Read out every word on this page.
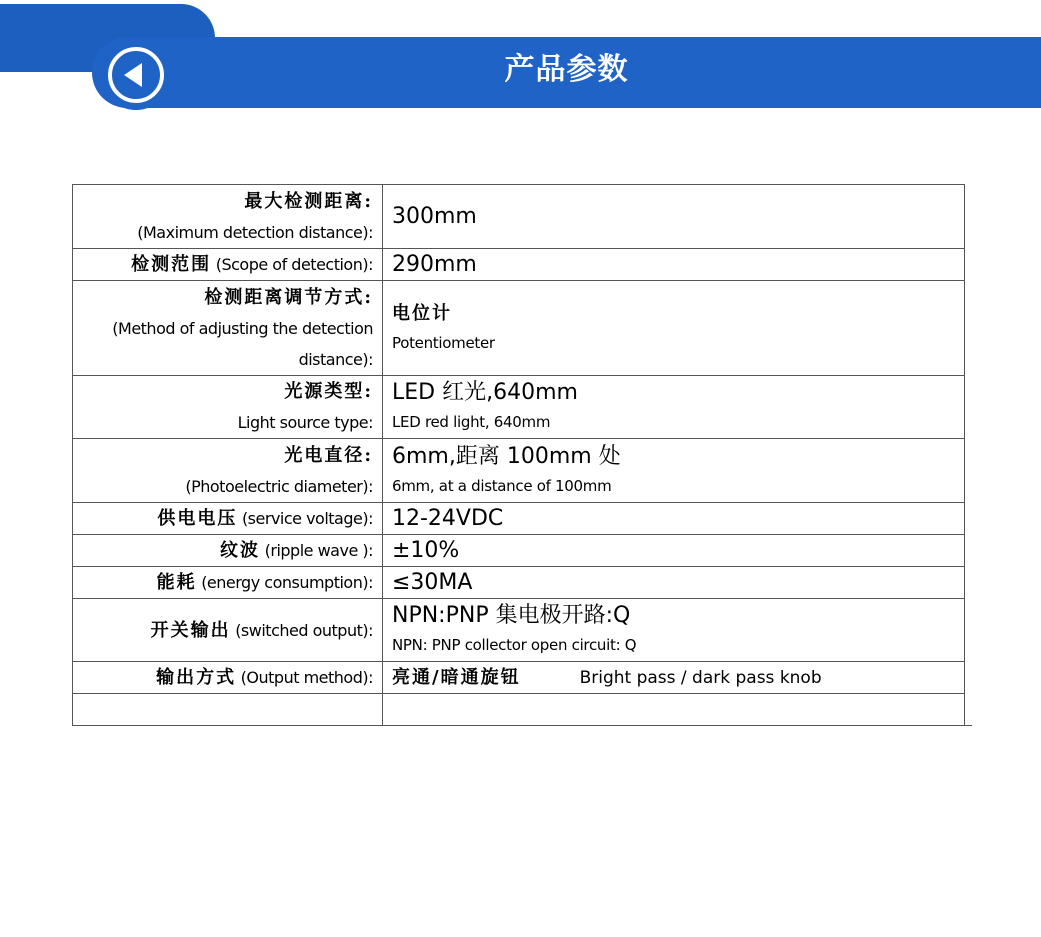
产品参数
最大检测距离:
(Maximum detection distance):	300mm
检测范围 (Scope of detection):	290mm

检测距离调节方式:
(Method of adjusting the detection distance):	电位计
Potentiometer

光源类型:
Light source type:	LED 红光,640mm
LED red light, 640mm

光电直径:
(Photoelectric diameter):	6mm,距离 100mm 处
6mm, at a distance of 100mm

供电电压 (service voltage):	12-24VDC
纹波 (ripple wave ):	±10%
能耗 (energy consumption):	≤30MA
开关输出 (switched output):	NPN:PNP 集电极开路:Q
NPN: PNP collector open circuit: Q

输出方式 (Output method):	亮通/暗通旋钮 Bright pass / dark pass knob
